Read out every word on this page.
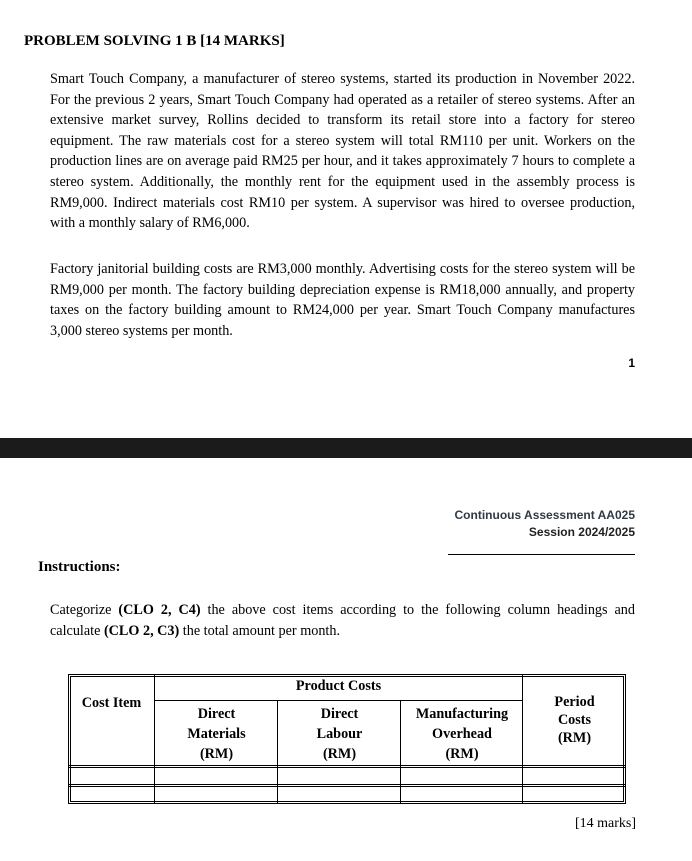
PROBLEM SOLVING 1 B [14 MARKS]
Smart Touch Company, a manufacturer of stereo systems, started its production in November 2022. For the previous 2 years, Smart Touch Company had operated as a retailer of stereo systems. After an extensive market survey, Rollins decided to transform its retail store into a factory for stereo equipment. The raw materials cost for a stereo system will total RM110 per unit. Workers on the production lines are on average paid RM25 per hour, and it takes approximately 7 hours to complete a stereo system. Additionally, the monthly rent for the equipment used in the assembly process is RM9,000. Indirect materials cost RM10 per system. A supervisor was hired to oversee production, with a monthly salary of RM6,000.
Factory janitorial building costs are RM3,000 monthly. Advertising costs for the stereo system will be RM9,000 per month. The factory building depreciation expense is RM18,000 annually, and property taxes on the factory building amount to RM24,000 per year. Smart Touch Company manufactures 3,000 stereo systems per month.
1
Continuous Assessment AA025
Session 2024/2025
Instructions:
Categorize (CLO 2, C4) the above cost items according to the following column headings and calculate (CLO 2, C3) the total amount per month.
Cost Item
Product Costs
Direct
Materials
(RM)
Direct
Labour
(RM)
Manufacturing
Overhead
(RM)
Period
Costs
(RM)
[14 marks]
